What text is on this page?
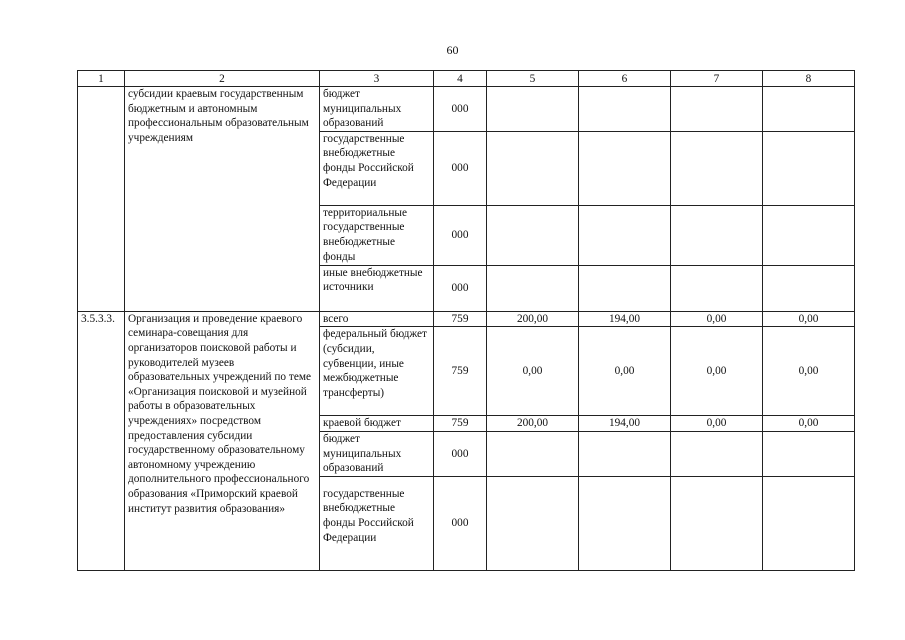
60
1	2	3	4	5	6	7	8
	субсидии краевым государственным бюджетным и автономным профессиональным образовательным учреждениям	бюджет муниципальных образований	000				
		государственные внебюджетные фонды Российской Федерации	000				
		территориальные государственные внебюджетные фонды	000				
		иные внебюджетные источники	000				
3.5.3.3.	Организация и проведение краевого семинара-совещания для организаторов поисковой работы и руководителей музеев образовательных учреждений по теме «Организация поисковой и музейной работы в образовательных учреждениях» посредством предоставления субсидии государственному образовательному автономному учреждению дополнительного профессионального образования «Приморский краевой институт развития образования»	всего	759	200,00	194,00	0,00	0,00
		федеральный бюджет (субсидии, субвенции, иные межбюджетные трансферты)	759	0,00	0,00	0,00	0,00
		краевой бюджет	759	200,00	194,00	0,00	0,00
		бюджет муниципальных образований	000				
		государственные внебюджетные фонды Российской Федерации	000				
